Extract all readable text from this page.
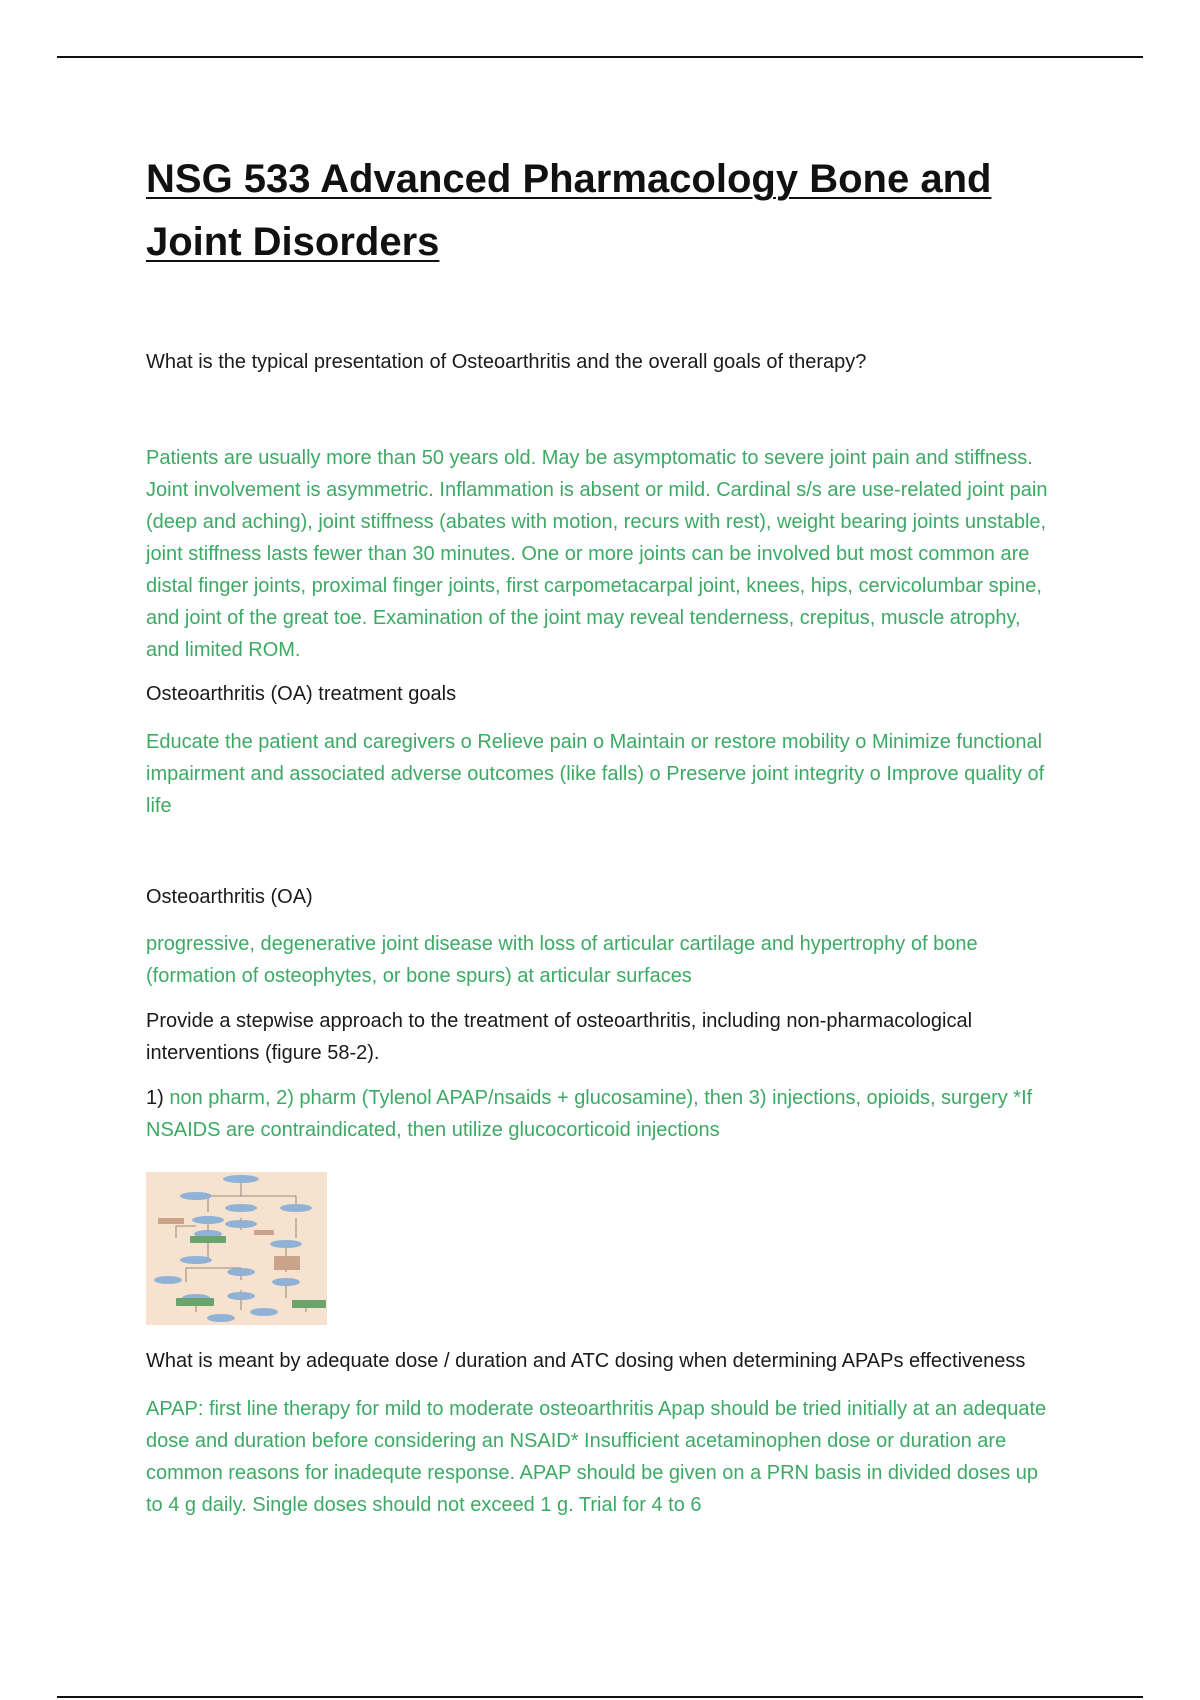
NSG 533 Advanced Pharmacology Bone and Joint Disorders

What is the typical presentation of Osteoarthritis and the overall goals of therapy?

Patients are usually more than 50 years old. May be asymptomatic to severe joint pain and stiffness. Joint involvement is asymmetric. Inflammation is absent or mild. Cardinal s/s are use-related joint pain (deep and aching), joint stiffness (abates with motion, recurs with rest), weight bearing joints unstable, joint stiffness lasts fewer than 30 minutes. One or more joints can be involved but most common are distal finger joints, proximal finger joints, first carpometacarpal joint, knees, hips, cervicolumbar spine, and joint of the great toe. Examination of the joint may reveal tenderness, crepitus, muscle atrophy, and limited ROM.

Osteoarthritis (OA) treatment goals

Educate the patient and caregivers o Relieve pain o Maintain or restore mobility o Minimize functional impairment and associated adverse outcomes (like falls) o Preserve joint integrity o Improve quality of life

Osteoarthritis (OA)

progressive, degenerative joint disease with loss of articular cartilage and hypertrophy of bone (formation of osteophytes, or bone spurs) at articular surfaces

Provide a stepwise approach to the treatment of osteoarthritis, including non-pharmacological interventions (figure 58-2).

1) non pharm, 2) pharm (Tylenol APAP/nsaids + glucosamine), then 3) injections, opioids, surgery *If NSAIDS are contraindicated, then utilize glucocorticoid injections

What is meant by adequate dose / duration and ATC dosing when determining APAPs effectiveness

APAP: first line therapy for mild to moderate osteoarthritis Apap should be tried initially at an adequate dose and duration before considering an NSAID* Insufficient acetaminophen dose or duration are common reasons for inadequte response. APAP should be given on a PRN basis in divided doses up to 4 g daily. Single doses should not exceed 1 g. Trial for 4 to 6
